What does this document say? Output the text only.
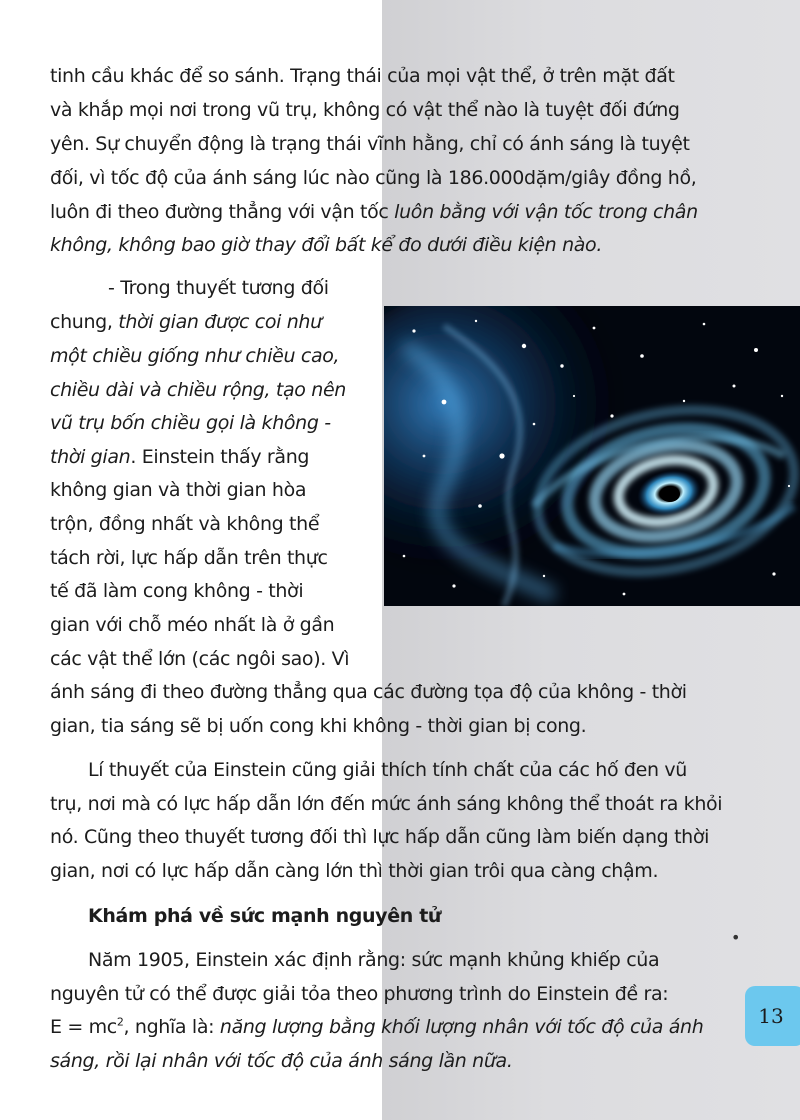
tinh cầu khác để so sánh. Trạng thái của mọi vật thể, ở trên mặt đất

và khắp mọi nơi trong vũ trụ, không có vật thể nào là tuyệt đối đứng

yên. Sự chuyển động là trạng thái vĩnh hằng, chỉ có ánh sáng là tuyệt

đối, vì tốc độ của ánh sáng lúc nào cũng là 186.000dặm/giây đồng hồ,

luôn đi theo đường thẳng với vận tốc luôn bằng với vận tốc trong chân

không, không bao giờ thay đổi bất kể đo dưới điều kiện nào.

- Trong thuyết tương đối

chung, thời gian được coi như

một chiều giống như chiều cao,

chiều dài và chiều rộng, tạo nên

vũ trụ bốn chiều gọi là không -

thời gian. Einstein thấy rằng

không gian và thời gian hòa

trộn, đồng nhất và không thể

tách rời, lực hấp dẫn trên thực

tế đã làm cong không - thời

gian với chỗ méo nhất là ở gần

các vật thể lớn (các ngôi sao). Vì

ánh sáng đi theo đường thẳng qua các đường tọa độ của không - thời

gian, tia sáng sẽ bị uốn cong khi không - thời gian bị cong.

Lí thuyết của Einstein cũng giải thích tính chất của các hố đen vũ

trụ, nơi mà có lực hấp dẫn lớn đến mức ánh sáng không thể thoát ra khỏi

nó. Cũng theo thuyết tương đối thì lực hấp dẫn cũng làm biến dạng thời

gian, nơi có lực hấp dẫn càng lớn thì thời gian trôi qua càng chậm.

Khám phá về sức mạnh nguyên tử

Năm 1905, Einstein xác định rằng: sức mạnh khủng khiếp của

nguyên tử có thể được giải tỏa theo phương trình do Einstein đề ra:

$E = mc^2$, nghĩa là: năng lượng bằng khối lượng nhân với tốc độ của ánh

sáng, rồi lại nhân với tốc độ của ánh sáng lần nữa.

•
13
